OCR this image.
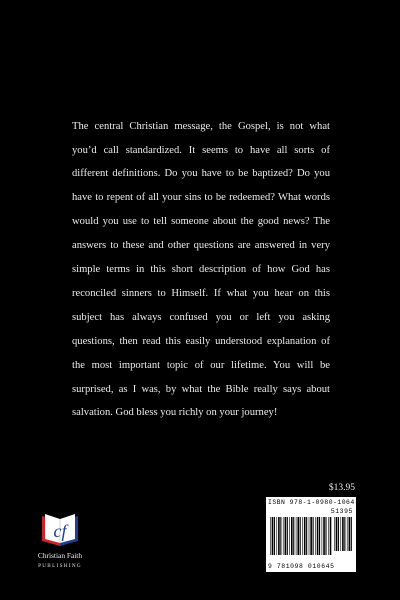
The central Christian message, the Gospel, is not what you’d call standardized. It seems to have all sorts of different definitions. Do you have to be baptized? Do you have to repent of all your sins to be redeemed? What words would you use to tell someone about the good news? The answers to these and other questions are answered in very simple terms in this short description of how God has reconciled sinners to Himself. If what you hear on this subject has always confused you or left you asking questions, then read this easily understood explanation of the most important topic of our lifetime. You will be surprised, as I was, by what the Bible really says about salvation. God bless you richly on your journey!

$13.95
ISBN 978-1-0980-1064-5
51395
9 781098 010645
cf
Christian Faith
PUBLISHING
